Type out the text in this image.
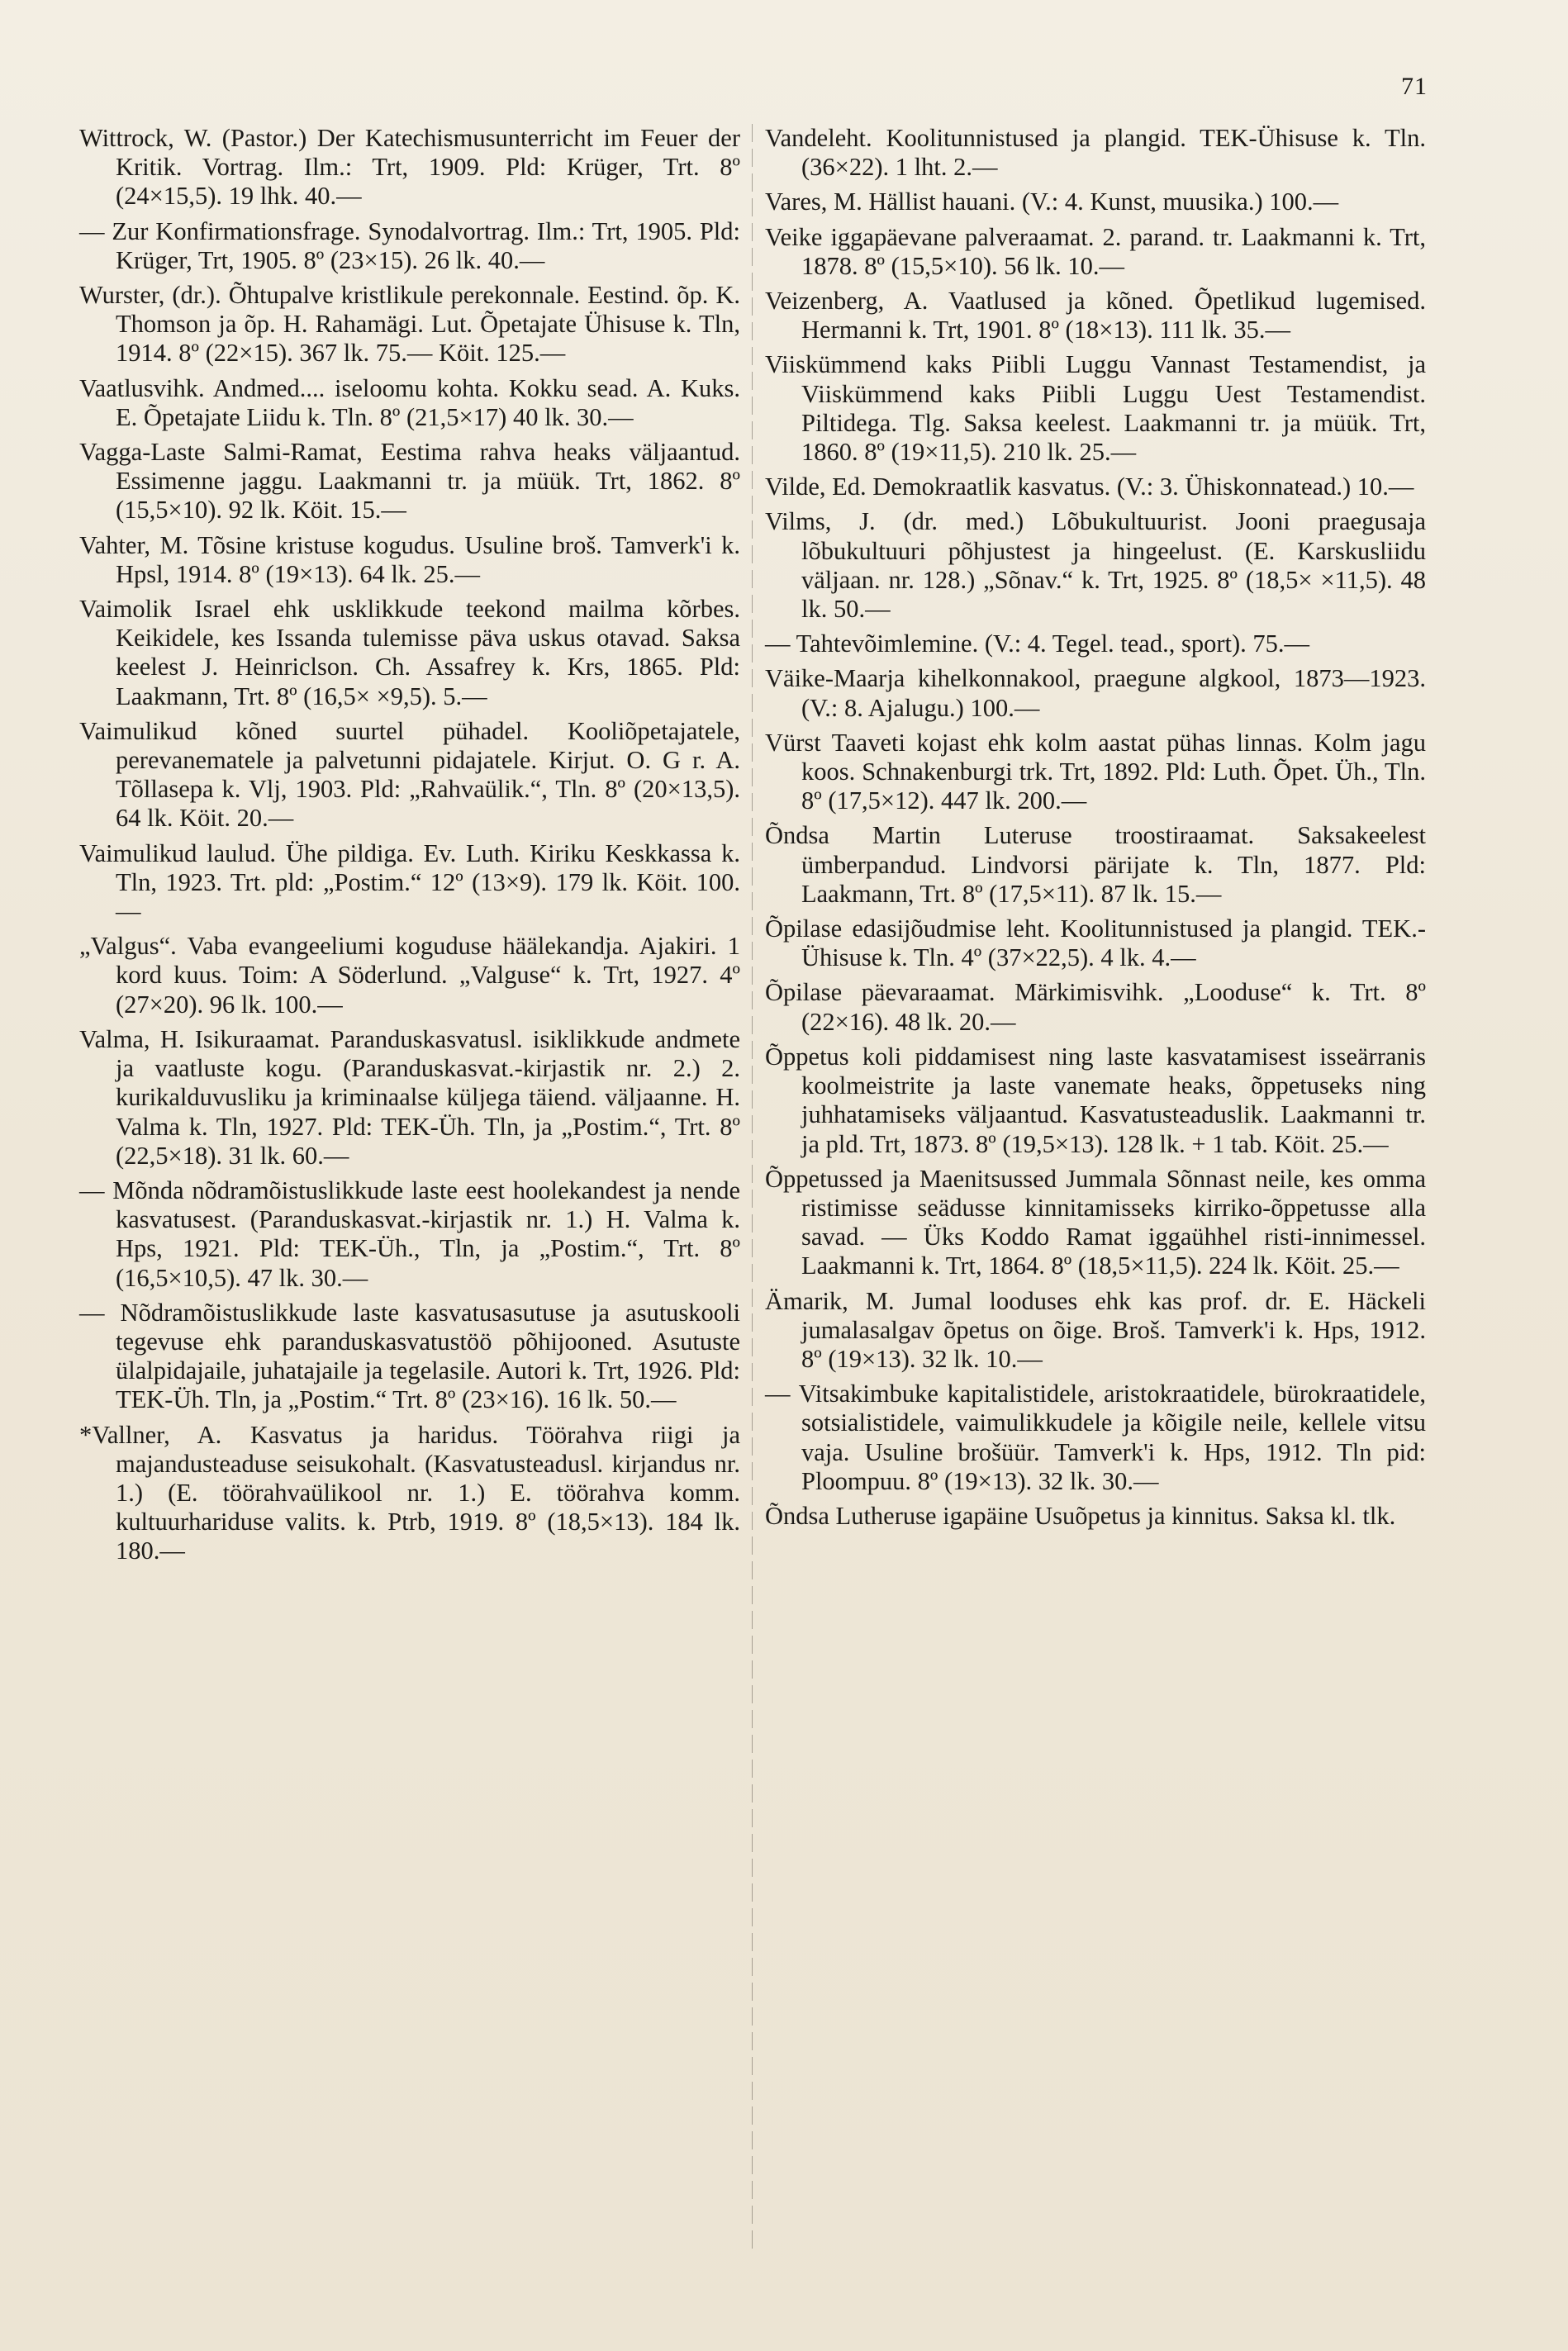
71

Wittrock, W. (Pastor.) Der Katechismusunterricht im Feuer der Kritik. Vortrag. Ilm.: Trt, 1909. Pld: Krüger, Trt. 8º (24×15,5). 19 lhk. 40.—

— Zur Konfirmationsfrage. Synodalvortrag. Ilm.: Trt, 1905. Pld: Krüger, Trt, 1905. 8º (23×15). 26 lk. 40.—

Wurster, (dr.). Õhtupalve kristlikule perekonnale. Eestind. õp. K. Thomson ja õp. H. Rahamägi. Lut. Õpetajate Ühisuse k. Tln, 1914. 8º (22×15). 367 lk. 75.— Köit. 125.—

Vaatlusvihk. Andmed.... iseloomu kohta. Kokku sead. A. Kuks. E. Õpetajate Liidu k. Tln. 8º (21,5×17) 40 lk. 30.—

Vagga-Laste Salmi-Ramat, Eestima rahva heaks väljaantud. Essimenne jaggu. Laakmanni tr. ja müük. Trt, 1862. 8º (15,5×10). 92 lk. Köit. 15.—

Vahter, M. Tõsine kristuse kogudus. Usuline broš. Tamverk'i k. Hpsl, 1914. 8º (19×13). 64 lk. 25.—

Vaimolik Israel ehk usklikkude teekond mailma kõrbes. Keikidele, kes Issanda tulemisse päva uskus otavad. Saksa keelest J. Heinriclson. Ch. Assafrey k. Krs, 1865. Pld: Laakmann, Trt. 8º (16,5× ×9,5). 5.—

Vaimulikud kõned suurtel pühadel. Kooliõpetajatele, perevanematele ja palvetunni pidajatele. Kirjut. O. G r. A. Tõllasepa k. Vlj, 1903. Pld: „Rahvaülik.“, Tln. 8º (20×13,5). 64 lk. Köit. 20.—

Vaimulikud laulud. Ühe pildiga. Ev. Luth. Kiriku Keskkassa k. Tln, 1923. Trt. pld: „Postim.“ 12º (13×9). 179 lk. Köit. 100.—

„Valgus“. Vaba evangeeliumi koguduse häälekandja. Ajakiri. 1 kord kuus. Toim: A Söderlund. „Valguse“ k. Trt, 1927. 4º (27×20). 96 lk. 100.—

Valma, H. Isikuraamat. Paranduskasvatusl. isiklikkude andmete ja vaatluste kogu. (Paranduskasvat.-kirjastik nr. 2.) 2. kurikalduvusliku ja kriminaalse küljega täiend. väljaanne. H. Valma k. Tln, 1927. Pld: TEK-Üh. Tln, ja „Postim.“, Trt. 8º (22,5×18). 31 lk. 60.—

— Mõnda nõdramõistuslikkude laste eest hoolekandest ja nende kasvatusest. (Paranduskasvat.-kirjastik nr. 1.) H. Valma k. Hps, 1921. Pld: TEK-Üh., Tln, ja „Postim.“, Trt. 8º (16,5×10,5). 47 lk. 30.—

— Nõdramõistuslikkude laste kasvatusasutuse ja asutuskooli tegevuse ehk paranduskasvatustöö põhijooned. Asutuste ülalpidajaile, juhatajaile ja tegelasile. Autori k. Trt, 1926. Pld: TEK-Üh. Tln, ja „Postim.“ Trt. 8º (23×16). 16 lk. 50.—

*Vallner, A. Kasvatus ja haridus. Töörahva riigi ja majandusteaduse seisukohalt. (Kasvatusteadusl. kirjandus nr. 1.) (E. töörahvaülikool nr. 1.) E. töörahva komm. kultuurhariduse valits. k. Ptrb, 1919. 8º (18,5×13). 184 lk. 180.—

Vandeleht. Koolitunnistused ja plangid. TEK-Ühisuse k. Tln. (36×22). 1 lht. 2.—

Vares, M. Hällist hauani. (V.: 4. Kunst, muusika.) 100.—

Veike iggapäevane palveraamat. 2. parand. tr. Laakmanni k. Trt, 1878. 8º (15,5×10). 56 lk. 10.—

Veizenberg, A. Vaatlused ja kõned. Õpetlikud lugemised. Hermanni k. Trt, 1901. 8º (18×13). 111 lk. 35.—

Viiskümmend kaks Piibli Luggu Vannast Testamendist, ja Viiskümmend kaks Piibli Luggu Uest Testamendist. Piltidega. Tlg. Saksa keelest. Laakmanni tr. ja müük. Trt, 1860. 8º (19×11,5). 210 lk. 25.—

Vilde, Ed. Demokraatlik kasvatus. (V.: 3. Ühiskonnatead.) 10.—

Vilms, J. (dr. med.) Lõbukultuurist. Jooni praegusaja lõbukultuuri põhjustest ja hingeelust. (E. Karskusliidu väljaan. nr. 128.) „Sõnav.“ k. Trt, 1925. 8º (18,5× ×11,5). 48 lk. 50.—

— Tahtevõimlemine. (V.: 4. Tegel. tead., sport). 75.—

Väike-Maarja kihelkonnakool, praegune algkool, 1873—1923. (V.: 8. Ajalugu.) 100.—

Vürst Taaveti kojast ehk kolm aastat pühas linnas. Kolm jagu koos. Schnakenburgi trk. Trt, 1892. Pld: Luth. Õpet. Üh., Tln. 8º (17,5×12). 447 lk. 200.—

Õndsa Martin Luteruse troostiraamat. Saksakeelest ümberpandud. Lindvorsi pärijate k. Tln, 1877. Pld: Laakmann, Trt. 8º (17,5×11). 87 lk. 15.—

Õpilase edasijõudmise leht. Koolitunnistused ja plangid. TEK.-Ühisuse k. Tln. 4º (37×22,5). 4 lk. 4.—

Õpilase päevaraamat. Märkimisvihk. „Looduse“ k. Trt. 8º (22×16). 48 lk. 20.—

Õppetus koli piddamisest ning laste kasvatamisest isseärranis koolmeistrite ja laste vanemate heaks, õppetuseks ning juhhatamiseks väljaantud. Kasvatusteaduslik. Laakmanni tr. ja pld. Trt, 1873. 8º (19,5×13). 128 lk. + 1 tab. Köit. 25.—

Õppetussed ja Maenitsussed Jummala Sõnnast neile, kes omma ristimisse seädusse kinnitamisseks kirriko-õppetusse alla savad. — Üks Koddo Ramat iggaühhel risti-innimessel. Laakmanni k. Trt, 1864. 8º (18,5×11,5). 224 lk. Köit. 25.—

Ämarik, M. Jumal looduses ehk kas prof. dr. E. Häckeli jumalasalgav õpetus on õige. Broš. Tamverk'i k. Hps, 1912. 8º (19×13). 32 lk. 10.—

— Vitsakimbuke kapitalistidele, aristokraatidele, bürokraatidele, sotsialistidele, vaimulikkudele ja kõigile neile, kellele vitsu vaja. Usuline brošüür. Tamverk'i k. Hps, 1912. Tln pid: Ploompuu. 8º (19×13). 32 lk. 30.—

Õndsa Lutheruse igapäine Usuõpetus ja kinnitus. Saksa kl. tlk.
